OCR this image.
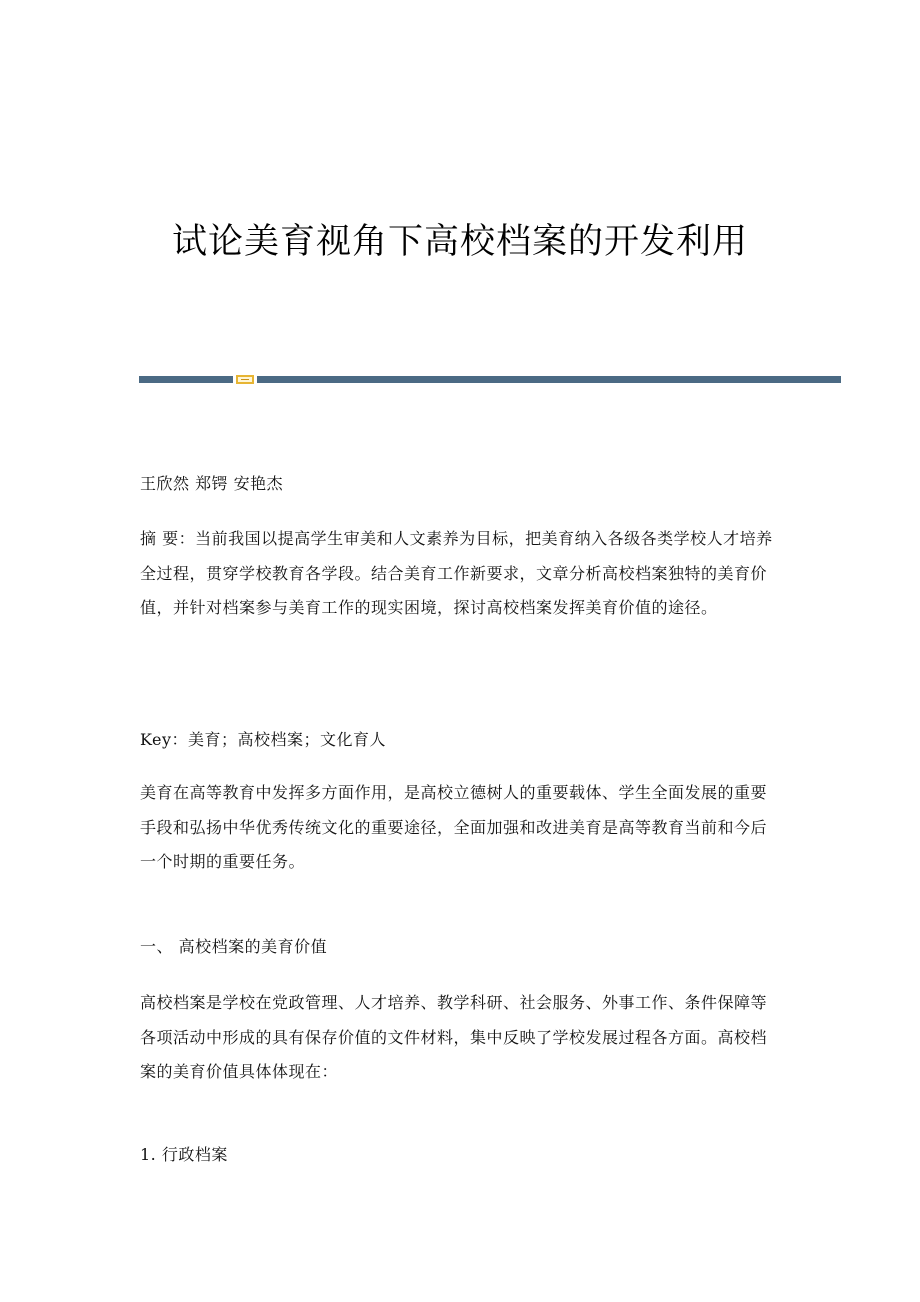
试论美育视角下高校档案的开发利用

王欣然 郑锷 安艳杰

摘 要：当前我国以提高学生审美和人文素养为目标，把美育纳入各级各类学校人才培养全过程，贯穿学校教育各学段。结合美育工作新要求，文章分析高校档案独特的美育价值，并针对档案参与美育工作的现实困境，探讨高校档案发挥美育价值的途径。

Key：美育；高校档案；文化育人

美育在高等教育中发挥多方面作用，是高校立德树人的重要载体、学生全面发展的重要手段和弘扬中华优秀传统文化的重要途径，全面加强和改进美育是高等教育当前和今后一个时期的重要任务。

一、 高校档案的美育价值

高校档案是学校在党政管理、人才培养、教学科研、社会服务、外事工作、条件保障等各项活动中形成的具有保存价值的文件材料，集中反映了学校发展过程各方面。高校档案的美育价值具体体现在：

1. 行政档案
